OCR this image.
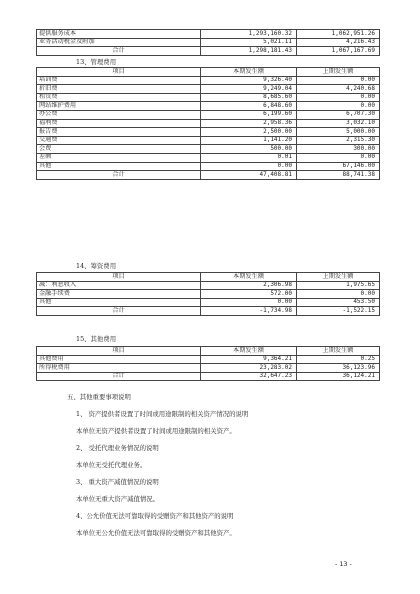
提供服务成本	1,293,160.32	1,062,951.26
业务活动税金及附加	5,021.11	4,216.43
合计	1,298,181.43	1,067,167.69
13、管理费用
项目	本期发生额	上期发生额
培训费	9,326.40	0.00
折旧费	9,249.04	4,240.68
租赁费	8,685.60	0.00
网站维护费用	6,848.60	0.00
办公费	6,199.60	6,707.30
福利费	2,958.36	3,032.10
报告费	2,500.00	5,000.00
交通费	1,141.20	2,315.30
会费	500.00	300.00
差额	0.01	0.00
其他	0.00	67,146.00
合计	47,408.81	88,741.38
14、筹资费用
项目	本期发生额	上期发生额
减：利息收入	2,306.98	1,975.65
金融手续费	572.00	0.00
其他	0.00	453.50
合计	-1,734.98	-1,522.15
15、其他费用
项目	本期发生额	上期发生额
其他费用	9,364.21	0.25
所得税费用	23,283.02	36,123.96
合计	32,647.23	36,124.21
五、其他重要事项说明
1、 资产提供者设置了时间或用途限制的相关资产情况的说明
本单位无资产提供者设置了时间或用途限制的相关资产。
2、 受托代理业务情况的说明
本单位无受托代理业务。
3、 重大资产减值情况的说明
本单位无重大资产减值情况。
4、公允价值无法可靠取得的受赠资产和其他资产的说明
本单位无公允价值无法可靠取得的受赠资产和其他资产。
- 13 -
